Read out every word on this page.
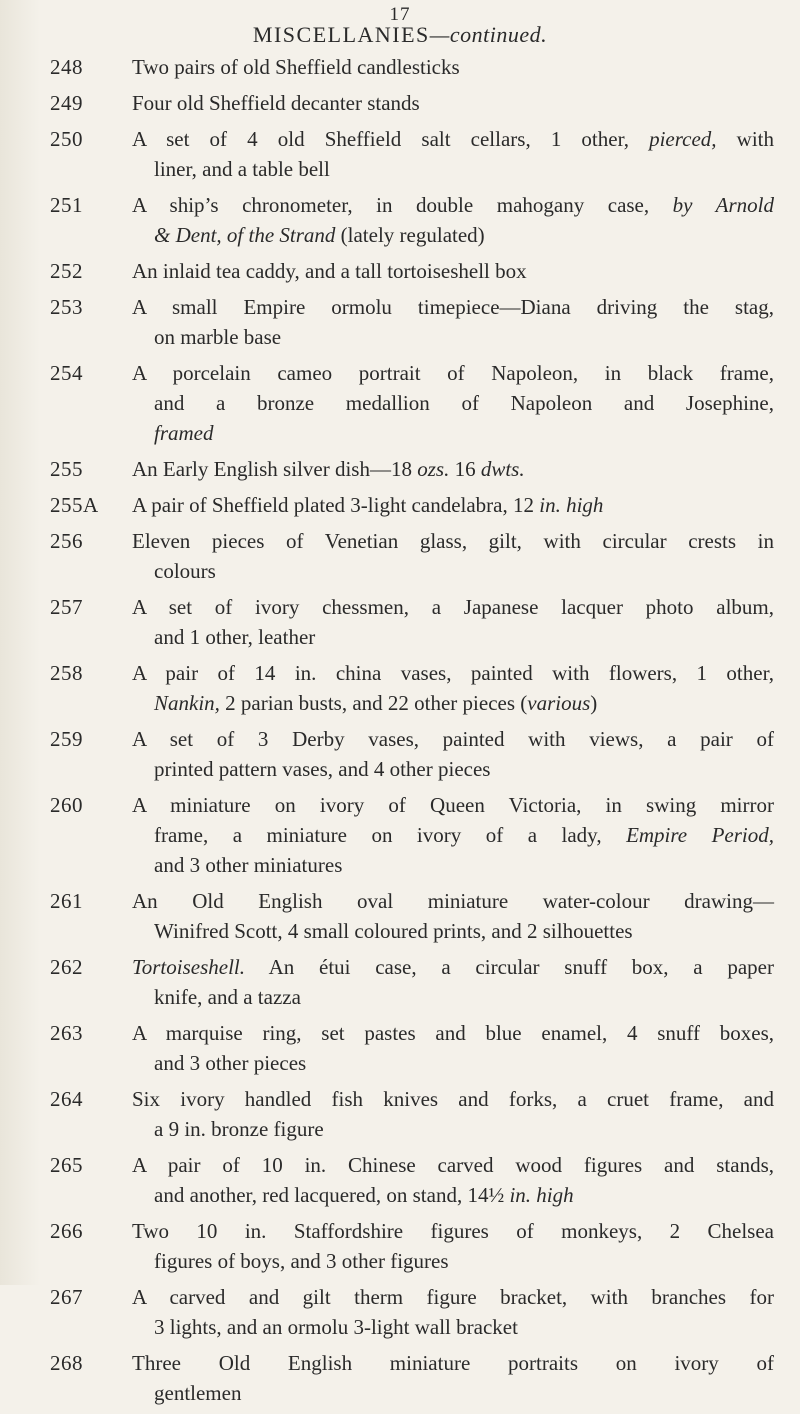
17
MISCELLANIES—continued.
248	Two pairs of old Sheffield candlesticks
249	Four old Sheffield decanter stands
250	A set of 4 old Sheffield salt cellars, 1 other, pierced, with
liner, and a table bell
251	A ship’s chronometer, in double mahogany case, by Arnold
& Dent, of the Strand (lately regulated)
252	An inlaid tea caddy, and a tall tortoiseshell box
253	A small Empire ormolu timepiece—Diana driving the stag,
on marble base
254	A porcelain cameo portrait of Napoleon, in black frame,
and a bronze medallion of Napoleon and Josephine,
framed
255	An Early English silver dish—18 ozs. 16 dwts.
255A	A pair of Sheffield plated 3-light candelabra, 12 in. high
256	Eleven pieces of Venetian glass, gilt, with circular crests in
colours
257	A set of ivory chessmen, a Japanese lacquer photo album,
and 1 other, leather
258	A pair of 14 in. china vases, painted with flowers, 1 other,
Nankin, 2 parian busts, and 22 other pieces (various)
259	A set of 3 Derby vases, painted with views, a pair of
printed pattern vases, and 4 other pieces
260	A miniature on ivory of Queen Victoria, in swing mirror
frame, a miniature on ivory of a lady, Empire Period,
and 3 other miniatures
261	An Old English oval miniature water-colour drawing—
Winifred Scott, 4 small coloured prints, and 2 silhouettes
262	Tortoiseshell. An étui case, a circular snuff box, a paper
knife, and a tazza
263	A marquise ring, set pastes and blue enamel, 4 snuff boxes,
and 3 other pieces
264	Six ivory handled fish knives and forks, a cruet frame, and
a 9 in. bronze figure
265	A pair of 10 in. Chinese carved wood figures and stands,
and another, red lacquered, on stand, 14½ in. high
266	Two 10 in. Staffordshire figures of monkeys, 2 Chelsea
figures of boys, and 3 other figures
267	A carved and gilt therm figure bracket, with branches for
3 lights, and an ormolu 3-light wall bracket
268	Three Old English miniature portraits on ivory of
gentlemen
